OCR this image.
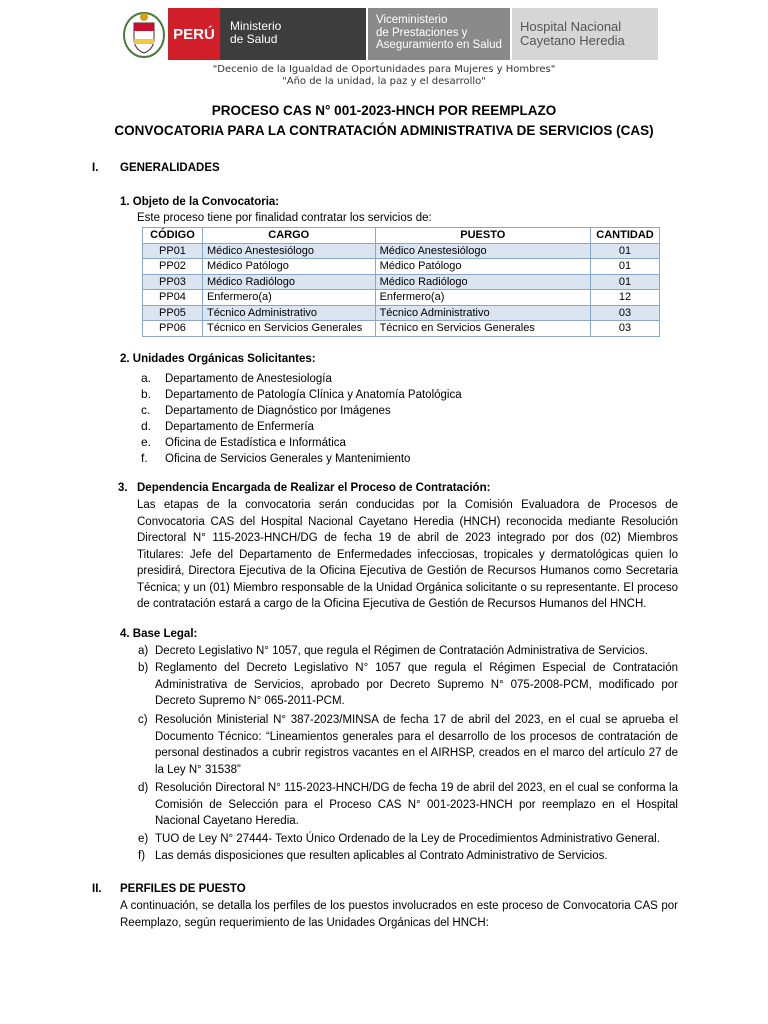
PERÚ	Ministerio
de Salud
Viceministerio
de Prestaciones y
Aseguramiento en Salud
Hospital Nacional
Cayetano Heredia
"Decenio de la Igualdad de Oportunidades para Mujeres y Hombres"
"Año de la unidad, la paz y el desarrollo"
PROCESO CAS N° 001-2023-HNCH POR REEMPLAZO
CONVOCATORIA PARA LA CONTRATACIÓN ADMINISTRATIVA DE SERVICIOS (CAS)
I. GENERALIDADES
1. Objeto de la Convocatoria:
Este proceso tiene por finalidad contratar los servicios de:
CÓDIGO	CARGO	PUESTO	CANTIDAD
PP01	Médico Anestesiólogo	Médico Anestesiólogo	01
PP02	Médico Patólogo	Médico Patólogo	01
PP03	Médico Radiólogo	Médico Radiólogo	01
PP04	Enfermero(a)	Enfermero(a)	12
PP05	Técnico Administrativo	Técnico Administrativo	03
PP06	Técnico en Servicios Generales	Técnico en Servicios Generales	03
2. Unidades Orgánicas Solicitantes:
a. Departamento de Anestesiología
b. Departamento de Patología Clínica y Anatomía Patológica
c. Departamento de Diagnóstico por Imágenes
d. Departamento de Enfermería
e. Oficina de Estadística e Informática
f. Oficina de Servicios Generales y Mantenimiento
3. Dependencia Encargada de Realizar el Proceso de Contratación:
Las etapas de la convocatoria serán conducidas por la Comisión Evaluadora de Procesos de Convocatoria CAS del Hospital Nacional Cayetano Heredia (HNCH) reconocida mediante Resolución Directoral N° 115-2023-HNCH/DG de fecha 19 de abril de 2023 integrado por dos (02) Miembros Titulares: Jefe del Departamento de Enfermedades infecciosas, tropicales y dermatológicas quien lo presidirá, Directora Ejecutiva de la Oficina Ejecutiva de Gestión de Recursos Humanos como Secretaria Técnica; y un (01) Miembro responsable de la Unidad Orgánica solicitante o su representante. El proceso de contratación estará a cargo de la Oficina Ejecutiva de Gestión de Recursos Humanos del HNCH.
4. Base Legal:
a) Decreto Legislativo N° 1057, que regula el Régimen de Contratación Administrativa de Servicios.
b) Reglamento del Decreto Legislativo N° 1057 que regula el Régimen Especial de Contratación Administrativa de Servicios, aprobado por Decreto Supremo N° 075-2008-PCM, modificado por Decreto Supremo N° 065-2011-PCM.
c) Resolución Ministerial N° 387-2023/MINSA de fecha 17 de abril del 2023, en el cual se aprueba el Documento Técnico: “Lineamientos generales para el desarrollo de los procesos de contratación de personal destinados a cubrir registros vacantes en el AIRHSP, creados en el marco del artículo 27 de la Ley N° 31538”
d) Resolución Directoral N° 115-2023-HNCH/DG de fecha 19 de abril del 2023, en el cual se conforma la Comisión de Selección para el Proceso CAS N° 001-2023-HNCH por reemplazo en el Hospital Nacional Cayetano Heredia.
e) TUO de Ley N° 27444- Texto Único Ordenado de la Ley de Procedimientos Administrativo General.
f) Las demás disposiciones que resulten aplicables al Contrato Administrativo de Servicios.
II. PERFILES DE PUESTO
A continuación, se detalla los perfiles de los puestos involucrados en este proceso de Convocatoria CAS por Reemplazo, según requerimiento de las Unidades Orgánicas del HNCH:
